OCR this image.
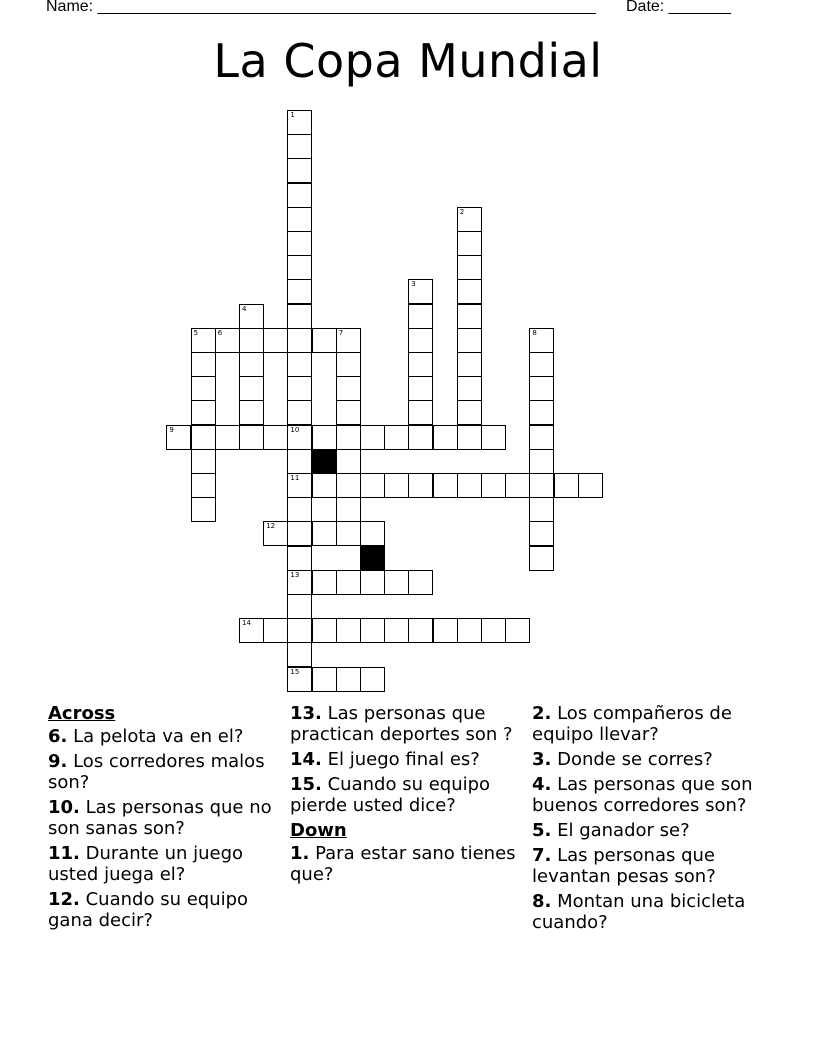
Name: ________________________________________________________ Date: _______
La Copa Mundial
1
10
11
13
15
2
3
4
5	6	7	8
9
12
14
Across
6. La pelota va en el?
9. Los corredores malos son?
10. Las personas que no son sanas son?
11. Durante un juego usted juega el?
12. Cuando su equipo gana decir?
13. Las personas que practican deportes son ?
14. El juego final es?
15. Cuando su equipo pierde usted dice?
Down
1. Para estar sano tienes que?
2. Los compañeros de equipo llevar?
3. Donde se corres?
4. Las personas que son buenos corredores son?
5. El ganador se?
7. Las personas que levantan pesas son?
8. Montan una bicicleta cuando?
